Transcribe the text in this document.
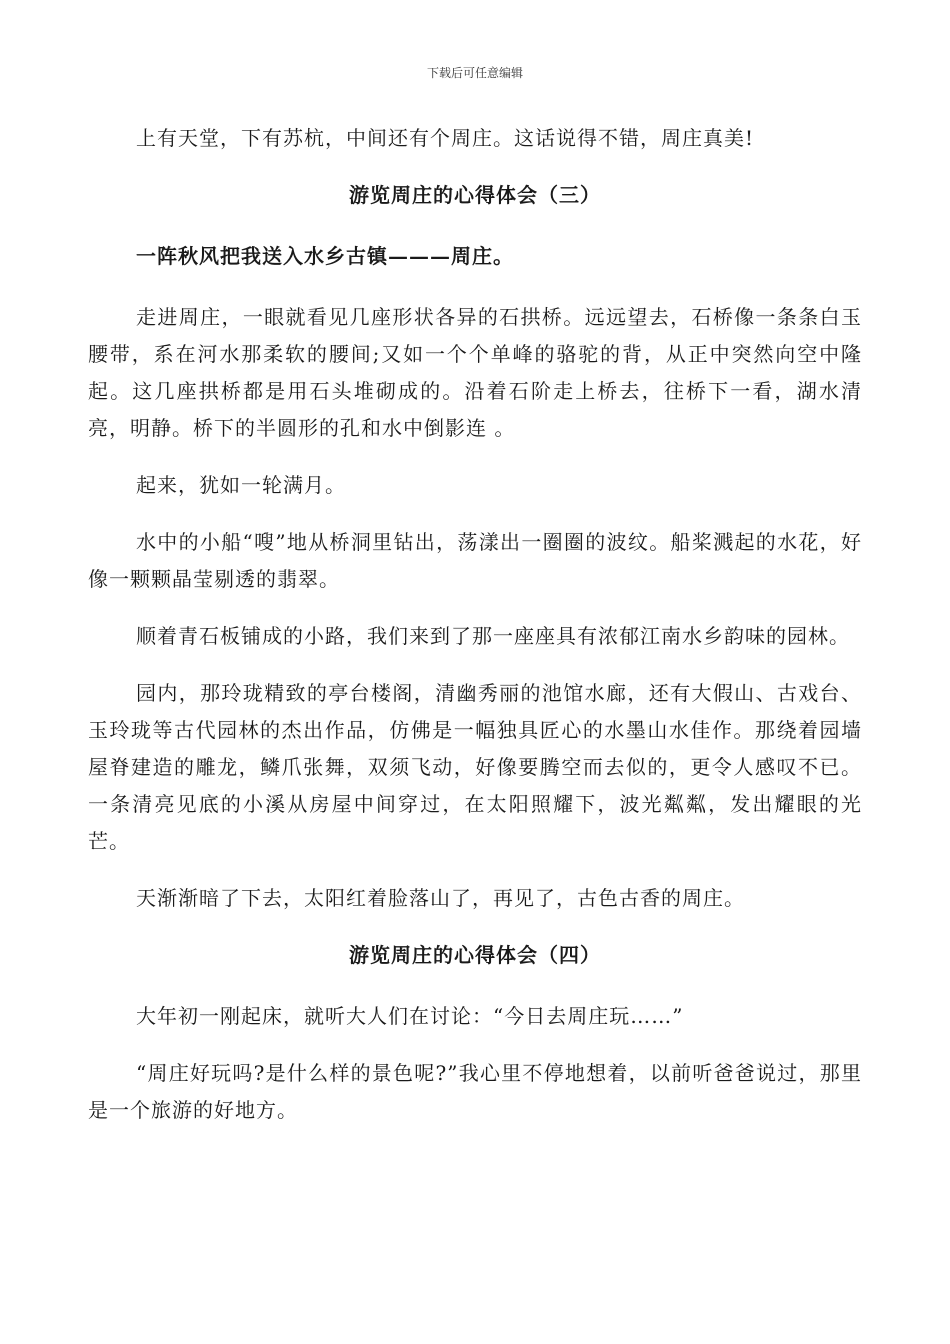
下载后可任意编辑

上有天堂，下有苏杭，中间还有个周庄。这话说得不错，周庄真美!

游览周庄的心得体会（三）

一阵秋风把我送入水乡古镇———周庄。

走进周庄，一眼就看见几座形状各异的石拱桥。远远望去，石桥像一条条白玉腰带，系在河水那柔软的腰间;又如一个个单峰的骆驼的背，从正中突然向空中隆起。这几座拱桥都是用石头堆砌成的。沿着石阶走上桥去，往桥下一看，湖水清亮，明静。桥下的半圆形的孔和水中倒影连 。

起来，犹如一轮满月。

水中的小船“嗖”地从桥洞里钻出，荡漾出一圈圈的波纹。船桨溅起的水花，好像一颗颗晶莹剔透的翡翠。

顺着青石板铺成的小路，我们来到了那一座座具有浓郁江南水乡韵味的园林。

园内，那玲珑精致的亭台楼阁，清幽秀丽的池馆水廊，还有大假山、古戏台、玉玲珑等古代园林的杰出作品，仿佛是一幅独具匠心的水墨山水佳作。那绕着园墙屋脊建造的雕龙，鳞爪张舞，双须飞动，好像要腾空而去似的，更令人感叹不已。一条清亮见底的小溪从房屋中间穿过，在太阳照耀下，波光粼粼，发出耀眼的光芒。

天渐渐暗了下去，太阳红着脸落山了，再见了，古色古香的周庄。

游览周庄的心得体会（四）

大年初一刚起床，就听大人们在讨论：“今日去周庄玩……”

“周庄好玩吗?是什么样的景色呢?”我心里不停地想着，以前听爸爸说过，那里是一个旅游的好地方。
